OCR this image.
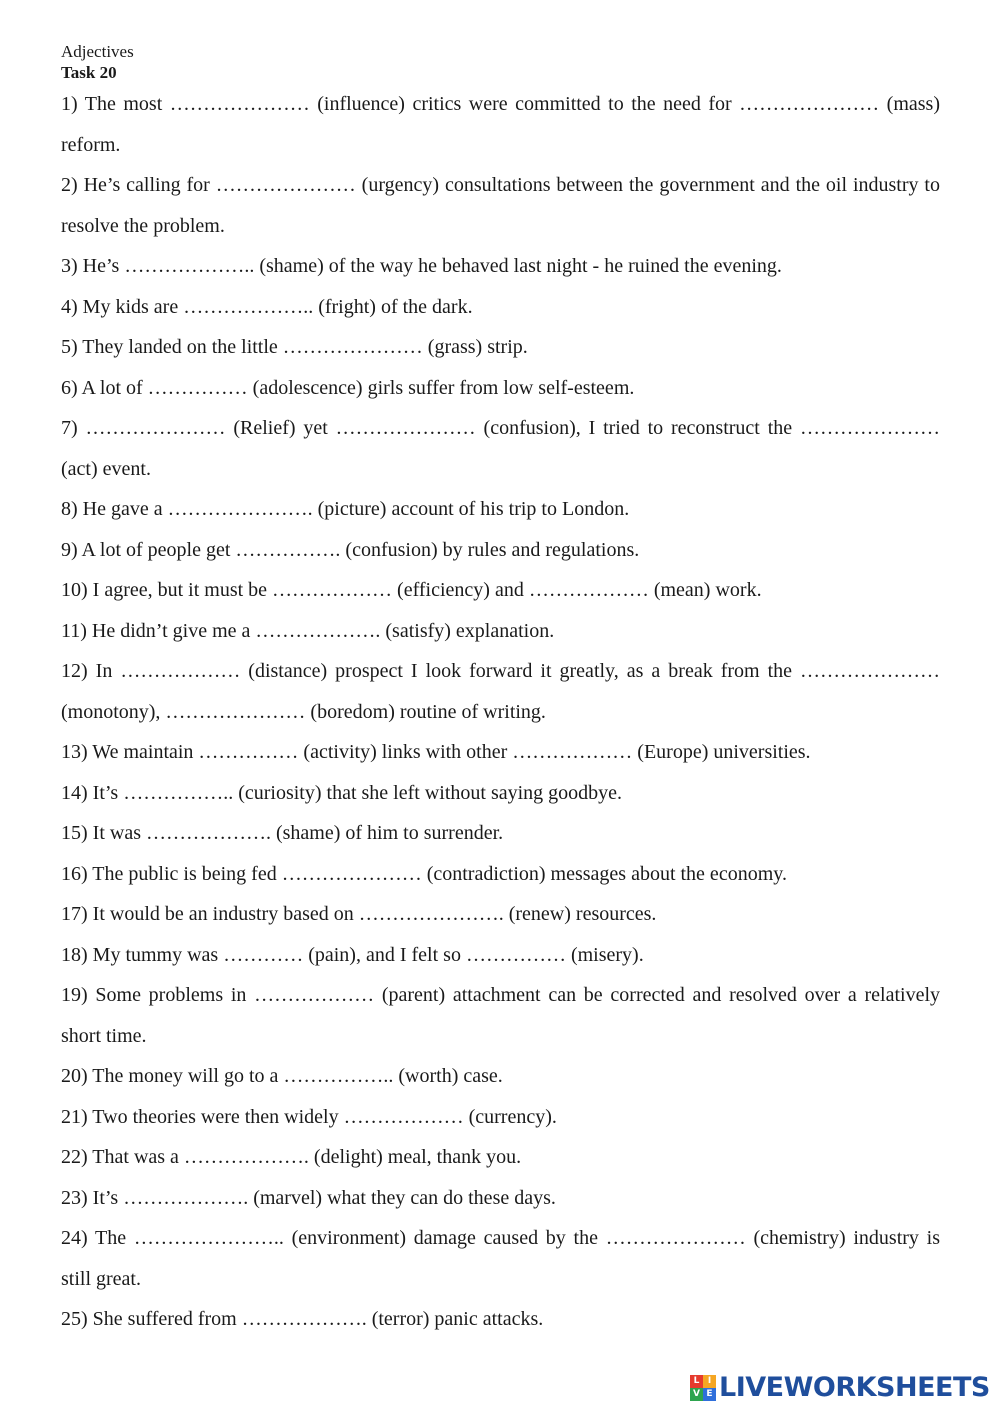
Adjectives

Task 20

1) The most ………………… (influence) critics were committed to the need for ………………… (mass) reform.

2) He’s calling for ………………… (urgency) consultations between the government and the oil industry to resolve the problem.

3) He’s ……………….. (shame) of the way he behaved last night - he ruined the evening.

4) My kids are ……………….. (fright) of the dark.

5) They landed on the little ………………… (grass) strip.

6) A lot of …………… (adolescence) girls suffer from low self-esteem.

7) ………………… (Relief) yet ………………… (confusion), I tried to reconstruct the ………………… (act) event.

8) He gave a …………………. (picture) account of his trip to London.

9) A lot of people get ……………. (confusion) by rules and regulations.

10) I agree, but it must be ……………… (efficiency) and ……………… (mean) work.

11) He didn’t give me a ………………. (satisfy) explanation.

12) In ……………… (distance) prospect I look forward it greatly, as a break from the ………………… (monotony), ………………… (boredom) routine of writing.

13) We maintain …………… (activity) links with other ……………… (Europe) universities.

14) It’s …………….. (curiosity) that she left without saying goodbye.

15) It was ………………. (shame) of him to surrender.

16) The public is being fed ………………… (contradiction) messages about the economy.

17) It would be an industry based on …………………. (renew) resources.

18) My tummy was ………… (pain), and I felt so …………… (misery).

19) Some problems in ……………… (parent) attachment can be corrected and resolved over a relatively short time.

20) The money will go to a …………….. (worth) case.

21) Two theories were then widely ……………… (currency).

22) That was a ………………. (delight) meal, thank you.

23) It’s ………………. (marvel) what they can do these days.

24) The ………………….. (environment) damage caused by the ………………… (chemistry) industry is still great.

25) She suffered from ………………. (terror) panic attacks.

L I
V E LIVEWORKSHEETS
